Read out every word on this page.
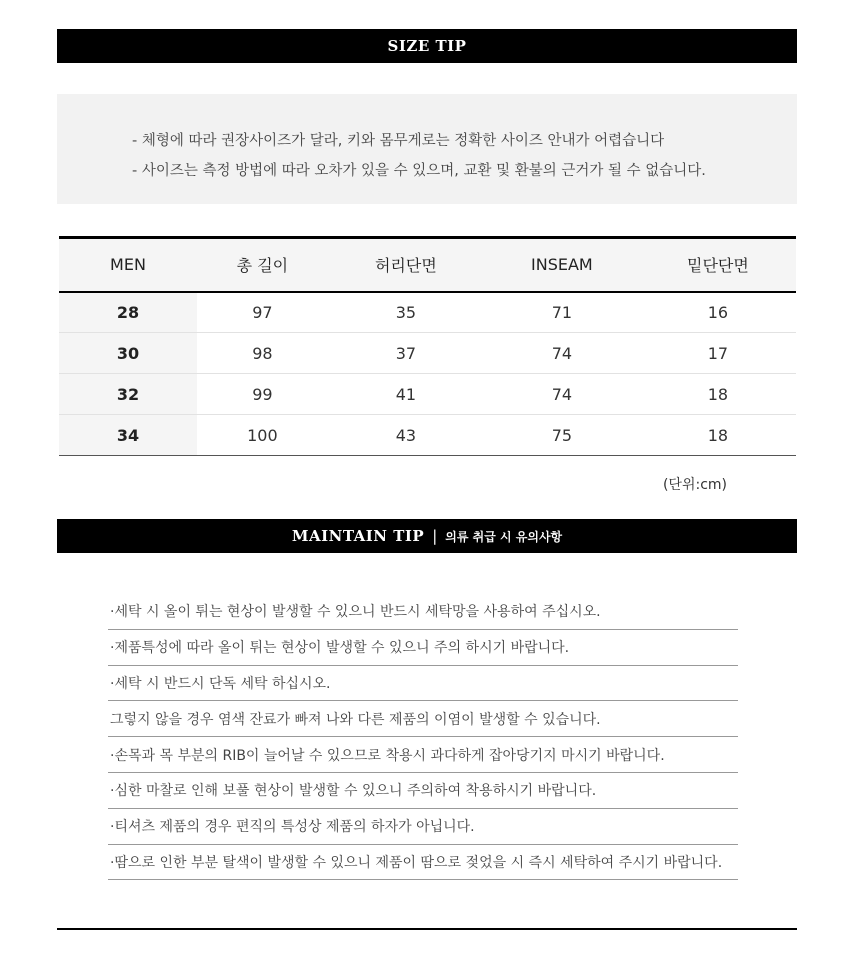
SIZE TIP
- 체형에 따라 권장사이즈가 달라, 키와 몸무게로는 정확한 사이즈 안내가 어렵습니다
- 사이즈는 측정 방법에 따라 오차가 있을 수 있으며, 교환 및 환불의 근거가 될 수 없습니다.
MEN	총 길이	허리단면	INSEAM	밑단단면
28	97	35	71	16
30	98	37	74	17
32	99	41	74	18
34	100	43	75	18
(단위:cm)
MAINTAIN TIP | 의류 취급 시 유의사항
·세탁 시 올이 튀는 현상이 발생할 수 있으니 반드시 세탁망을 사용하여 주십시오.
·제품특성에 따라 올이 튀는 현상이 발생할 수 있으니 주의 하시기 바랍니다.
·세탁 시 반드시 단독 세탁 하십시오.
그렇지 않을 경우 염색 잔료가 빠져 나와 다른 제품의 이염이 발생할 수 있습니다.
·손목과 목 부분의 RIB이 늘어날 수 있으므로 착용시 과다하게 잡아당기지 마시기 바랍니다.
·심한 마찰로 인해 보풀 현상이 발생할 수 있으니 주의하여 착용하시기 바랍니다.
·티셔츠 제품의 경우 편직의 특성상 제품의 하자가 아닙니다.
·땀으로 인한 부분 탈색이 발생할 수 있으니 제품이 땀으로 젖었을 시 즉시 세탁하여 주시기 바랍니다.
